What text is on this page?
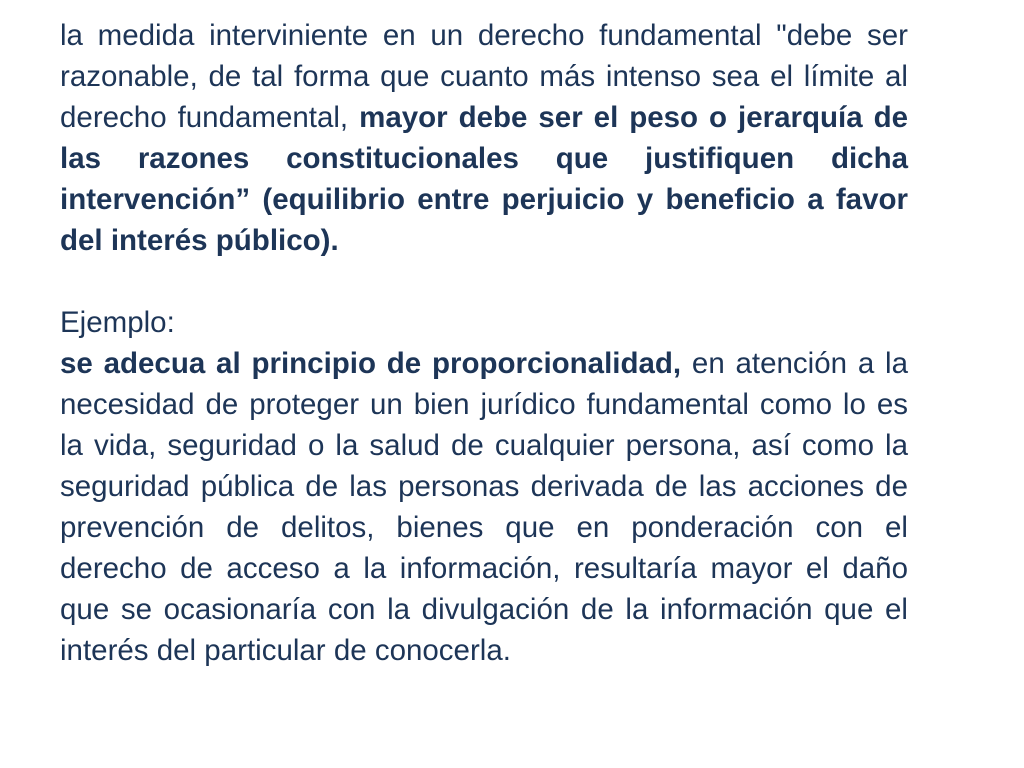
la medida interviniente en un derecho fundamental "debe ser razonable, de tal forma que cuanto más intenso sea el límite al derecho fundamental, mayor debe ser el peso o jerarquía de las razones constitucionales que justifiquen dicha intervención” (equilibrio entre perjuicio y beneficio a favor del interés público).

Ejemplo:

se adecua al principio de proporcionalidad, en atención a la necesidad de proteger un bien jurídico fundamental como lo es la vida, seguridad o la salud de cualquier persona, así como la seguridad pública de las personas derivada de las acciones de prevención de delitos, bienes que en ponderación con el derecho de acceso a la información, resultaría mayor el daño que se ocasionaría con la divulgación de la información que el interés del particular de conocerla.
